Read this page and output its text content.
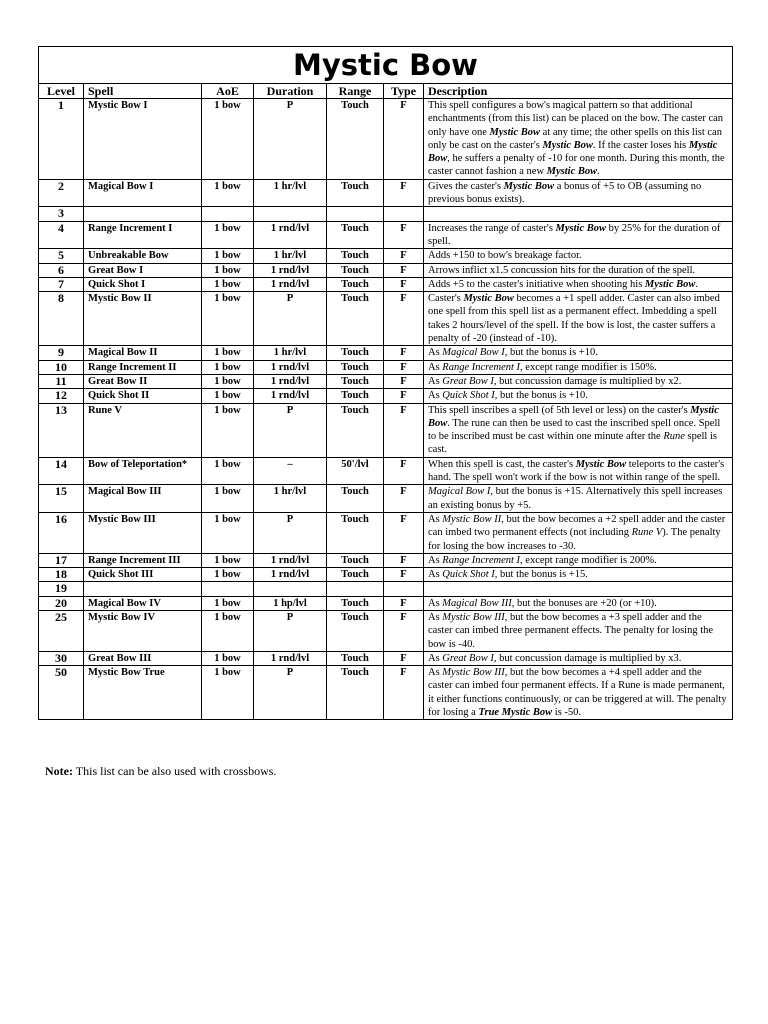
Mystic Bow						
Level	Spell	AoE	Duration	Range	Type	Description
1	Mystic Bow I	1 bow	P	Touch	F	This spell configures a bow's magical pattern so that additional enchantments (from this list) can be placed on the bow. The caster can only have one Mystic Bow at any time; the other spells on this list can only be cast on the caster's Mystic Bow. If the caster loses his Mystic Bow, he suffers a penalty of -10 for one month. During this month, the caster cannot fashion a new Mystic Bow.
2	Magical Bow I	1 bow	1 hr/lvl	Touch	F	Gives the caster's Mystic Bow a bonus of +5 to OB (assuming no previous bonus exists).
3						
4	Range Increment I	1 bow	1 rnd/lvl	Touch	F	Increases the range of caster's Mystic Bow by 25% for the duration of spell.
5	Unbreakable Bow	1 bow	1 hr/lvl	Touch	F	Adds +150 to bow's breakage factor.
6	Great Bow I	1 bow	1 rnd/lvl	Touch	F	Arrows inflict x1.5 concussion hits for the duration of the spell.
7	Quick Shot I	1 bow	1 rnd/lvl	Touch	F	Adds +5 to the caster's initiative when shooting his Mystic Bow.
8	Mystic Bow II	1 bow	P	Touch	F	Caster's Mystic Bow becomes a +1 spell adder. Caster can also imbed one spell from this spell list as a permanent effect. Imbedding a spell takes 2 hours/level of the spell. If the bow is lost, the caster suffers a penalty of -20 (instead of -10).
9	Magical Bow II	1 bow	1 hr/lvl	Touch	F	As Magical Bow I, but the bonus is +10.
10	Range Increment II	1 bow	1 rnd/lvl	Touch	F	As Range Increment I, except range modifier is 150%.
11	Great Bow II	1 bow	1 rnd/lvl	Touch	F	As Great Bow I, but concussion damage is multiplied by x2.
12	Quick Shot II	1 bow	1 rnd/lvl	Touch	F	As Quick Shot I, but the bonus is +10.
13	Rune V	1 bow	P	Touch	F	This spell inscribes a spell (of 5th level or less) on the caster's Mystic Bow. The rune can then be used to cast the inscribed spell once. Spell to be inscribed must be cast within one minute after the Rune spell is cast.
14	Bow of Teleportation*	1 bow	–	50'/lvl	F	When this spell is cast, the caster's Mystic Bow teleports to the caster's hand. The spell won't work if the bow is not within range of the spell.
15	Magical Bow III	1 bow	1 hr/lvl	Touch	F	Magical Bow I, but the bonus is +15. Alternatively this spell increases an existing bonus by +5.
16	Mystic Bow III	1 bow	P	Touch	F	As Mystic Bow II, but the bow becomes a +2 spell adder and the caster can imbed two permanent effects (not including Rune V). The penalty for losing the bow increases to -30.
17	Range Increment III	1 bow	1 rnd/lvl	Touch	F	As Range Increment I, except range modifier is 200%.
18	Quick Shot III	1 bow	1 rnd/lvl	Touch	F	As Quick Shot I, but the bonus is +15.
19						
20	Magical Bow IV	1 bow	1 hp/lvl	Touch	F	As Magical Bow III, but the bonuses are +20 (or +10).
25	Mystic Bow IV	1 bow	P	Touch	F	As Mystic Bow III, but the bow becomes a +3 spell adder and the caster can imbed three permanent effects. The penalty for losing the bow is -40.
30	Great Bow III	1 bow	1 rnd/lvl	Touch	F	As Great Bow I, but concussion damage is multiplied by x3.
50	Mystic Bow True	1 bow	P	Touch	F	As Mystic Bow III, but the bow becomes a +4 spell adder and the caster can imbed four permanent effects. If a Rune is made permanent, it either functions continuously, or can be triggered at will. The penalty for losing a True Mystic Bow is -50.
Note: This list can be also used with crossbows.
